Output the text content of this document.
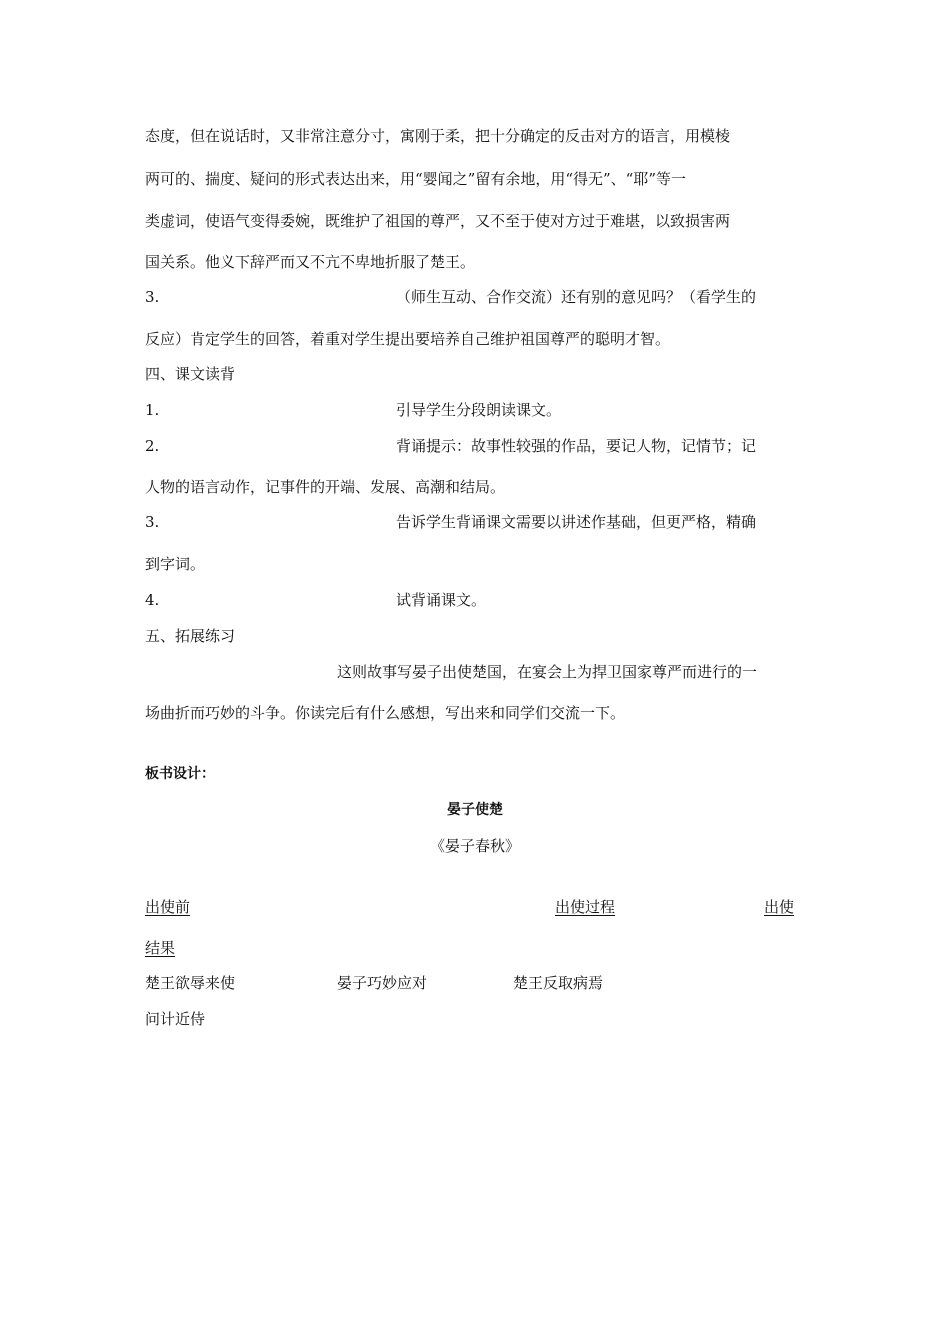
态度，但在说话时，又非常注意分寸，寓刚于柔，把十分确定的反击对方的语言，用模棱
两可的、揣度、疑问的形式表达出来，用“婴闻之”留有余地，用“得无”、“耶”等一
类虚词，使语气变得委婉，既维护了祖国的尊严，又不至于使对方过于难堪，以致损害两
国关系。他义下辞严而又不亢不卑地折服了楚王。
3.	（师生互动、合作交流）还有别的意见吗？（看学生的
反应）肯定学生的回答，着重对学生提出要培养自己维护祖国尊严的聪明才智。
四、课文读背
1.	引导学生分段朗读课文。
2.	背诵提示：故事性较强的作品，要记人物，记情节；记
人物的语言动作，记事件的开端、发展、高潮和结局。
3.	告诉学生背诵课文需要以讲述作基础，但更严格，精确
到字词。
4.	试背诵课文。
五、拓展练习
这则故事写晏子出使楚国，在宴会上为捍卫国家尊严而进行的一
场曲折而巧妙的斗争。你读完后有什么感想，写出来和同学们交流一下。
板书设计：
晏子使楚
《晏子春秋》
出使前	出使过程	出使
结果
楚王欲辱来使	晏子巧妙应对	楚王反取病焉
问计近侍
